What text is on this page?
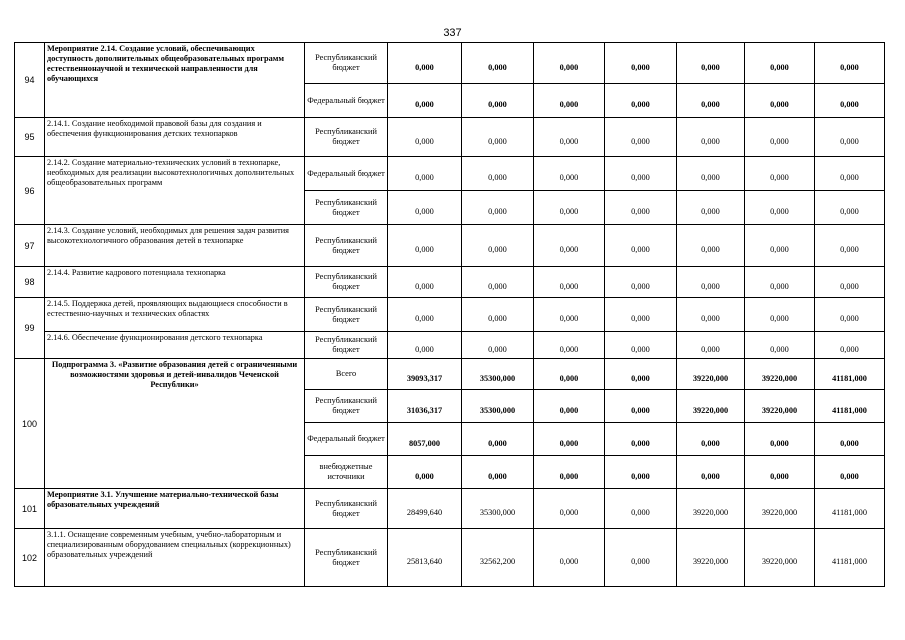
337
94	Мероприятие 2.14. Создание условий, обеспечивающих доступность дополнительных общеобразовательных программ естественнонаучной и технической направленности для обучающихся	Республиканский бюджет	0,000	0,000	0,000	0,000	0,000	0,000	0,000
		Федеральный бюджет	0,000	0,000	0,000	0,000	0,000	0,000	0,000
95	2.14.1. Создание необходимой правовой базы для создания и обеспечения функционирования детских технопарков	Республиканский бюджет	0,000	0,000	0,000	0,000	0,000	0,000	0,000
96	2.14.2. Создание материально-технических условий в технопарке, необходимых для реализации высокотехнологичных дополнительных общеобразовательных программ	Федеральный бюджет	0,000	0,000	0,000	0,000	0,000	0,000	0,000
		Республиканский бюджет	0,000	0,000	0,000	0,000	0,000	0,000	0,000
97	2.14.3. Создание условий, необходимых для решения задач развития высокотехнологичного образования детей в технопарке	Республиканский бюджет	0,000	0,000	0,000	0,000	0,000	0,000	0,000
98	2.14.4. Развитие кадрового потенциала технопарка	Республиканский бюджет	0,000	0,000	0,000	0,000	0,000	0,000	0,000
99	2.14.5. Поддержка детей, проявляющих выдающиеся способности в естественно-научных и технических областях	Республиканский бюджет	0,000	0,000	0,000	0,000	0,000	0,000	0,000
	2.14.6. Обеспечение функционирования детского технопарка	Республиканский бюджет	0,000	0,000	0,000	0,000	0,000	0,000	0,000
100	Подпрограмма 3. «Развитие образования детей с ограниченными возможностями здоровья и детей-инвалидов Чеченской Республики»	Всего	39093,317	35300,000	0,000	0,000	39220,000	39220,000	41181,000
		Республиканский бюджет	31036,317	35300,000	0,000	0,000	39220,000	39220,000	41181,000
		Федеральный бюджет	8057,000	0,000	0,000	0,000	0,000	0,000	0,000
		внебюджетные источники	0,000	0,000	0,000	0,000	0,000	0,000	0,000
101	Мероприятие 3.1. Улучшение материально-технической базы образовательных учреждений	Республиканский бюджет	28499,640	35300,000	0,000	0,000	39220,000	39220,000	41181,000
102	3.1.1. Оснащение современным учебным, учебно-лабораторным и специализированным оборудованием специальных (коррекционных) образовательных учреждений	Республиканский бюджет	25813,640	32562,200	0,000	0,000	39220,000	39220,000	41181,000
